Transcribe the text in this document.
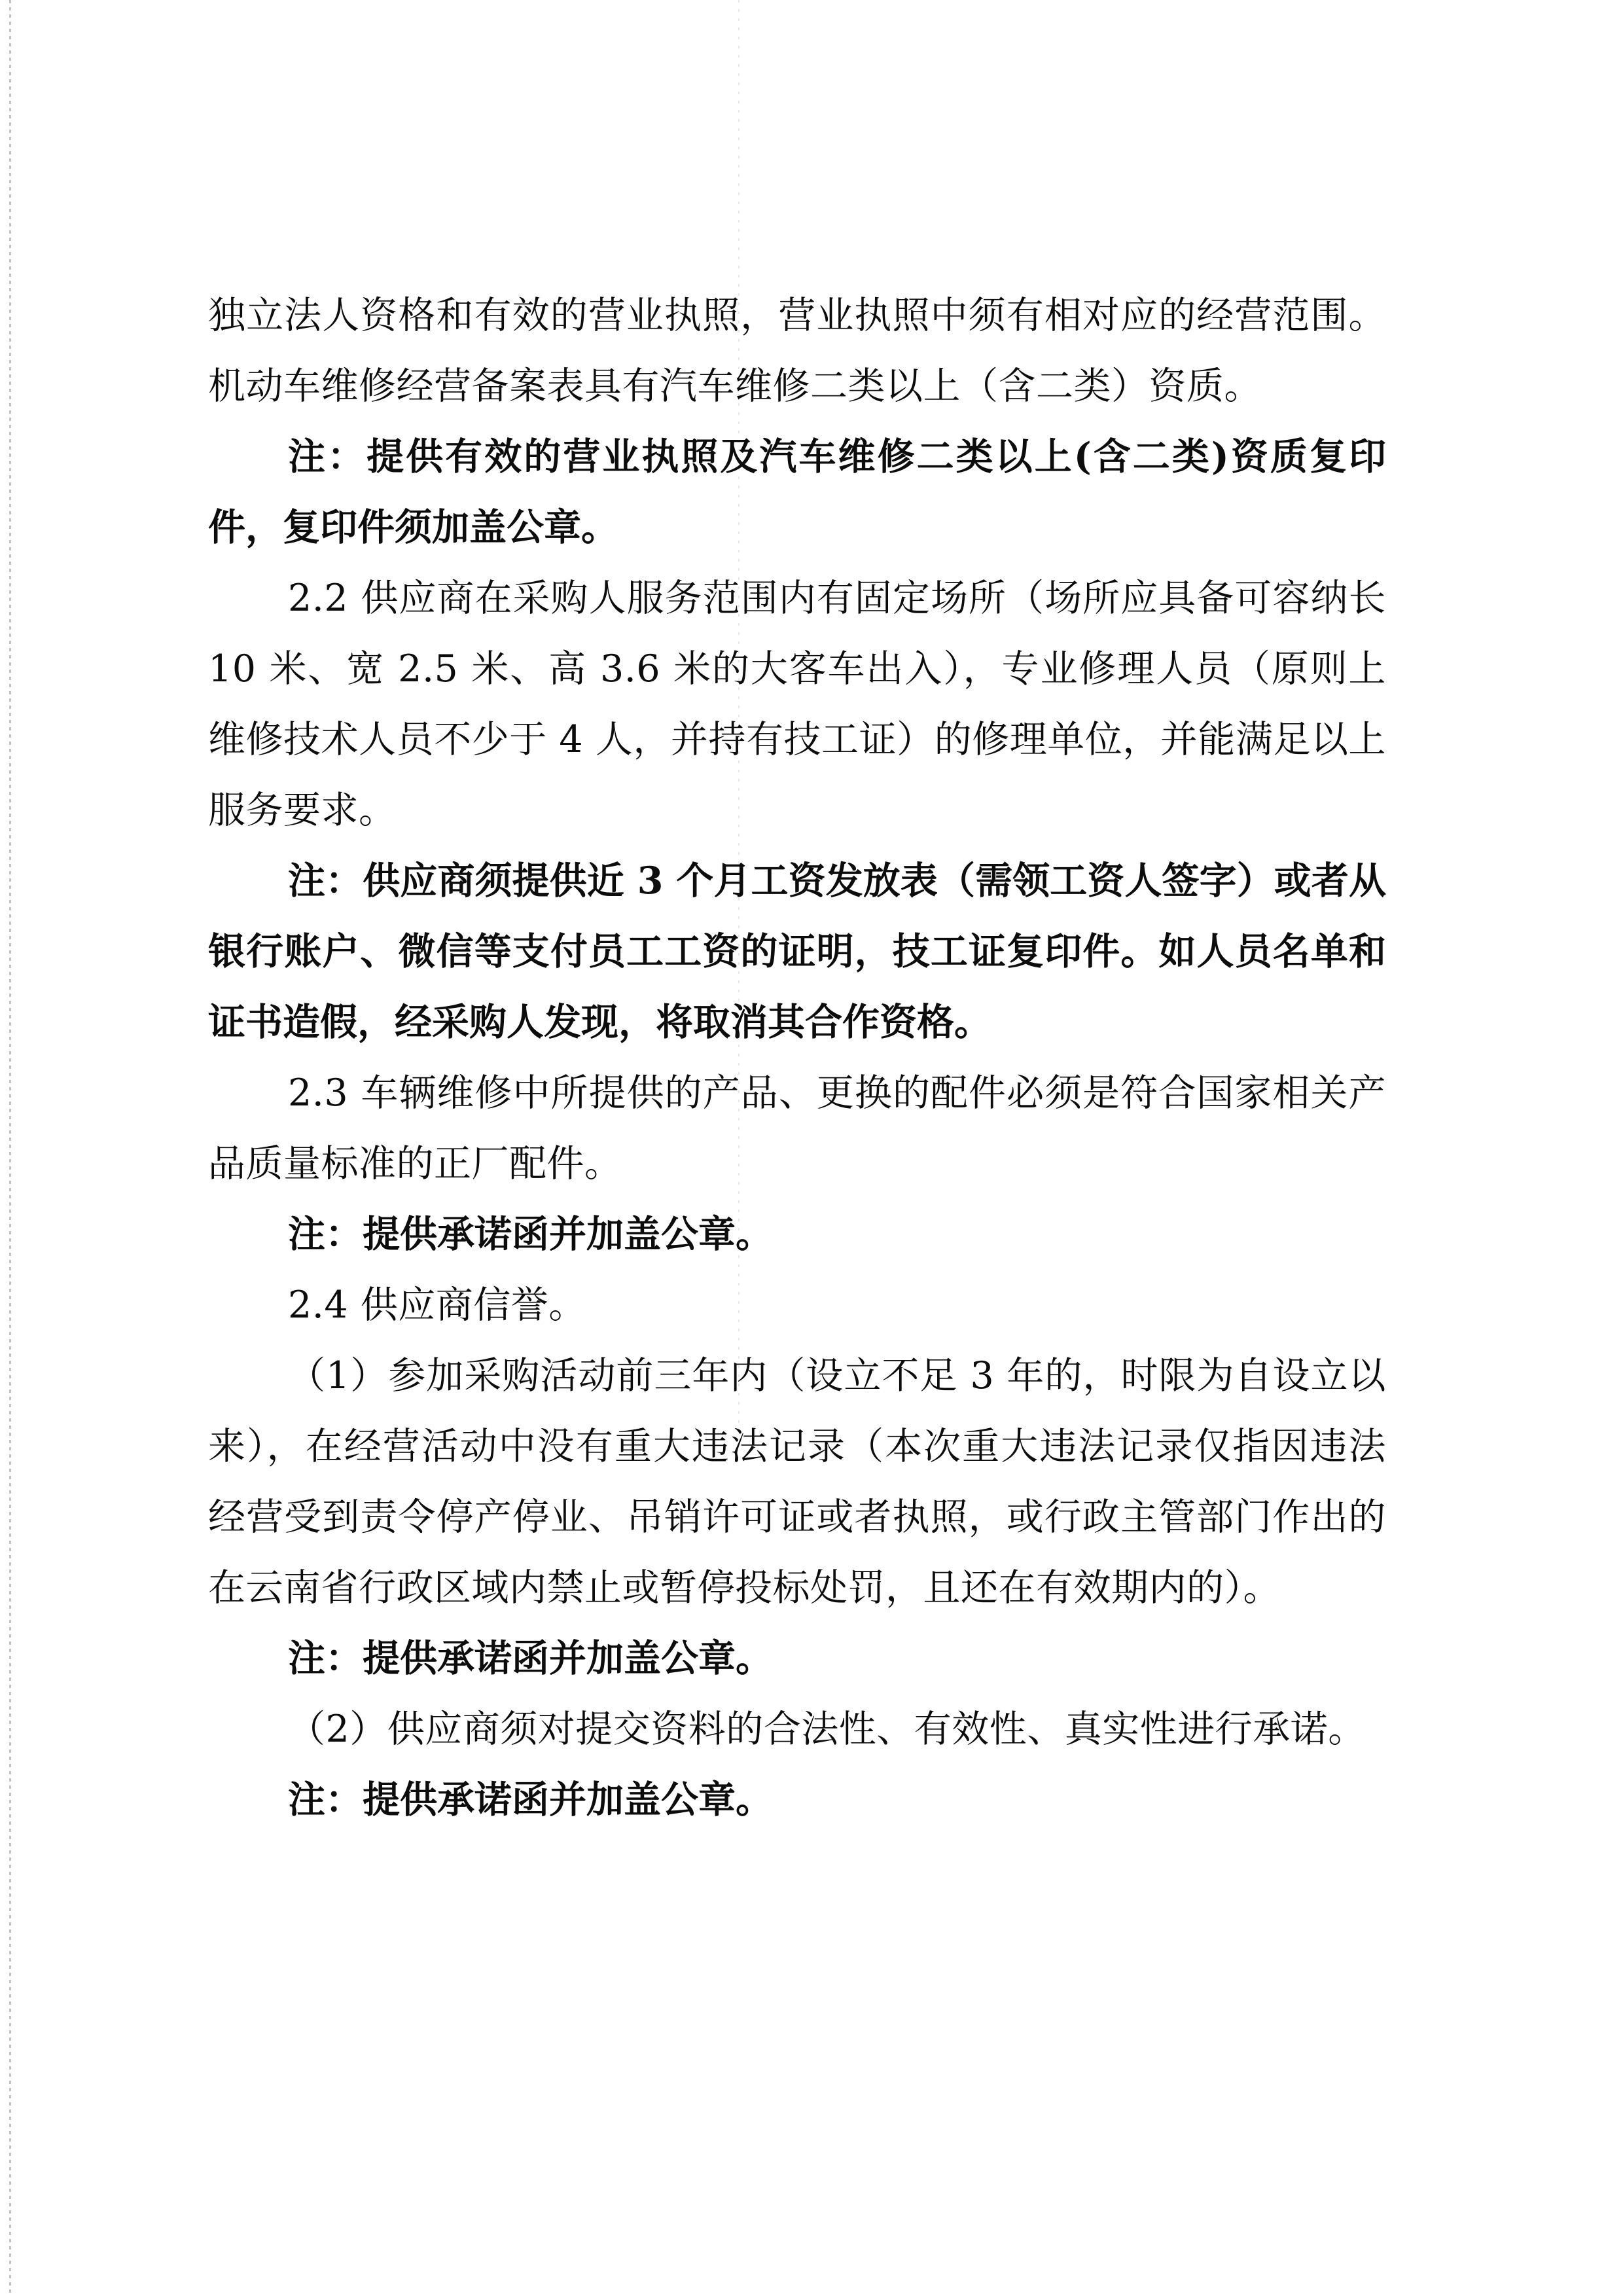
独立法人资格和有效的营业执照，营业执照中须有相对应的经营范围。机动车维修经营备案表具有汽车维修二类以上（含二类）资质。

注：提供有效的营业执照及汽车维修二类以上(含二类)资质复印件，复印件须加盖公章。

2.2 供应商在采购人服务范围内有固定场所（场所应具备可容纳长 10 米、宽 2.5 米、高 3.6 米的大客车出入），专业修理人员（原则上维修技术人员不少于 4 人，并持有技工证）的修理单位，并能满足以上服务要求。

注：供应商须提供近 3 个月工资发放表（需领工资人签字）或者从银行账户、微信等支付员工工资的证明，技工证复印件。如人员名单和证书造假，经采购人发现，将取消其合作资格。

2.3 车辆维修中所提供的产品、更换的配件必须是符合国家相关产品质量标准的正厂配件。

注：提供承诺函并加盖公章。

2.4 供应商信誉。

（1）参加采购活动前三年内（设立不足 3 年的，时限为自设立以来），在经营活动中没有重大违法记录（本次重大违法记录仅指因违法经营受到责令停产停业、吊销许可证或者执照，或行政主管部门作出的在云南省行政区域内禁止或暂停投标处罚，且还在有效期内的）。

注：提供承诺函并加盖公章。

（2）供应商须对提交资料的合法性、有效性、真实性进行承诺。

注：提供承诺函并加盖公章。
